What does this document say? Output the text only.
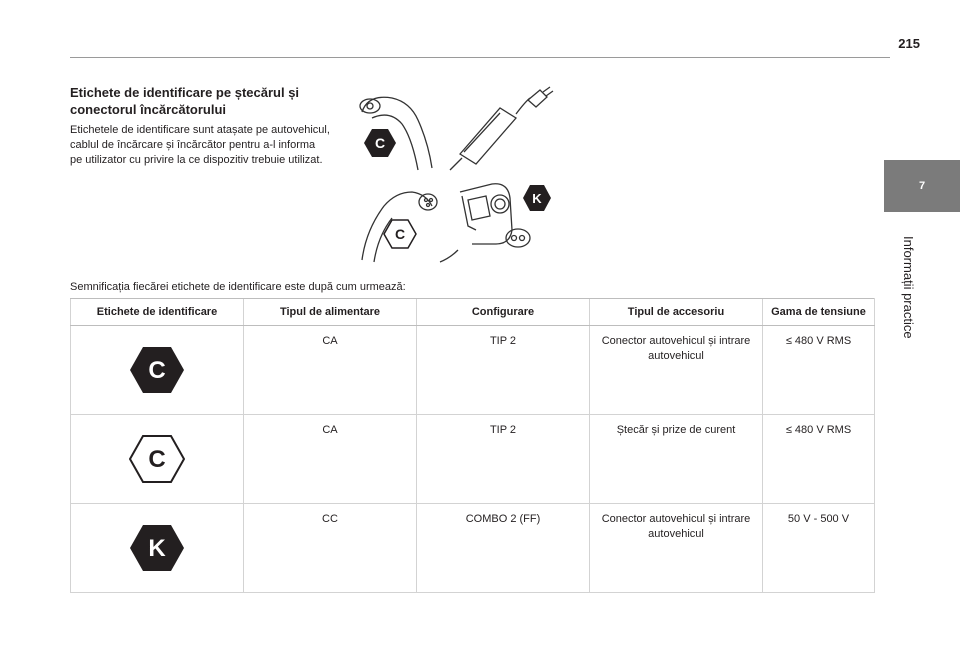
215
7
Informații practice
Etichete de identificare pe ștecărul și conectorul încărcătorului

Etichetele de identificare sunt atașate pe autovehicul, cablul de încărcare și încărcător pentru a-l informa pe utilizator cu privire la ce dispozitiv trebuie utilizat.

C
C
K

Semnificația fiecărei etichete de identificare este după cum urmează:

Etichete de identificare	Tipul de alimentare	Configurare	Tipul de accesoriu	Gama de tensiune

C	CA	TIP 2	Conector autovehicul și intrare autovehicul	≤ 480 V RMS

C	CA	TIP 2	Ștecăr și prize de curent	≤ 480 V RMS

K	CC	COMBO 2 (FF)	Conector autovehicul și intrare autovehicul	50 V - 500 V
